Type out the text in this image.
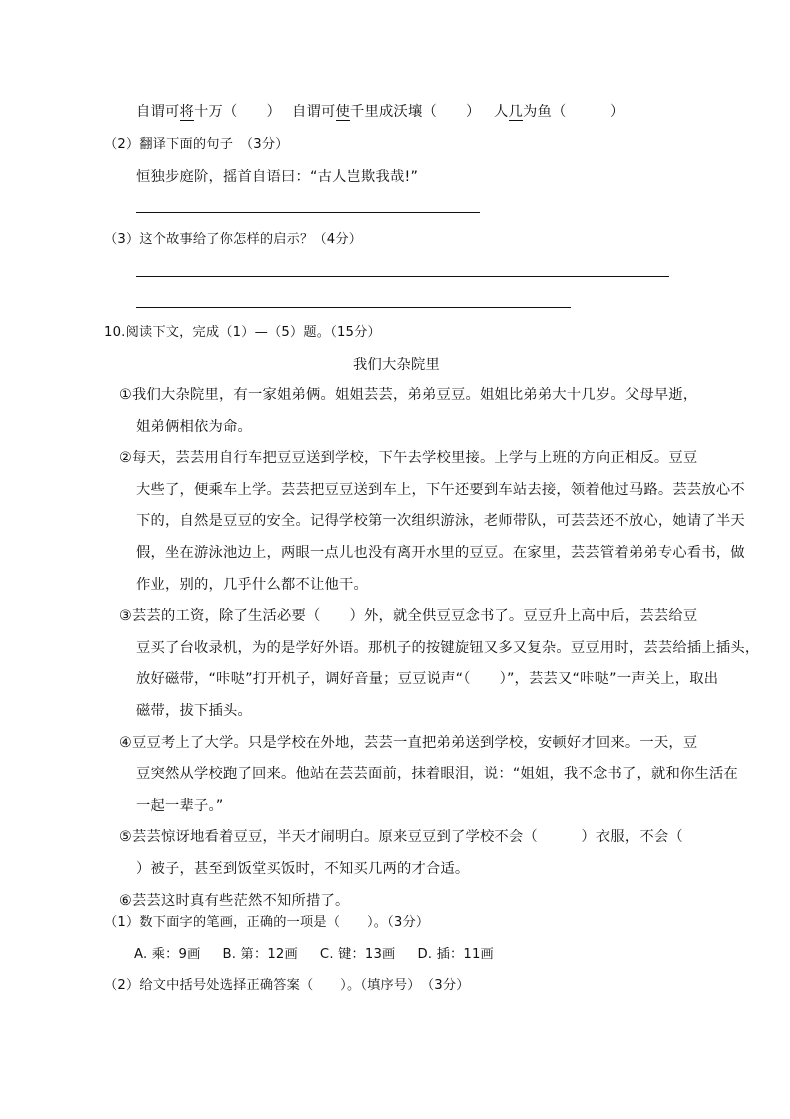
自谓可将十万（　　） 自谓可使千里成沃壤（　　） 人几为鱼（　　　）
（2）翻译下面的句子　（3分）
恒独步庭阶，摇首自语曰：“古人岂欺我哉!”
（3）这个故事给了你怎样的启示？（4分）
10.阅读下文，完成（1）—（5）题。（15分）
我们大杂院里
①我们大杂院里，有一家姐弟俩。姐姐芸芸，弟弟豆豆。姐姐比弟弟大十几岁。父母早逝，
姐弟俩相依为命。
②每天，芸芸用自行车把豆豆送到学校，下午去学校里接。上学与上班的方向正相反。豆豆
大些了，便乘车上学。芸芸把豆豆送到车上，下午还要到车站去接，领着他过马路。芸芸放心不
下的，自然是豆豆的安全。记得学校第一次组织游泳，老师带队，可芸芸还不放心，她请了半天
假，坐在游泳池边上，两眼一点儿也没有离开水里的豆豆。在家里，芸芸管着弟弟专心看书，做
作业，别的，几乎什么都不让他干。
③芸芸的工资，除了生活必要（　　）外，就全供豆豆念书了。豆豆升上高中后，芸芸给豆
豆买了台收录机，为的是学好外语。那机子的按键旋钮又多又复杂。豆豆用时，芸芸给插上插头，
放好磁带，“咔哒”打开机子，调好音量；豆豆说声“（　　）”，芸芸又“咔哒”一声关上，取出
磁带，拔下插头。
④豆豆考上了大学。只是学校在外地，芸芸一直把弟弟送到学校，安顿好才回来。一天，豆
豆突然从学校跑了回来。他站在芸芸面前，抹着眼泪，说：“姐姐，我不念书了，就和你生活在
一起一辈子。”
⑤芸芸惊讶地看着豆豆，半天才闹明白。原来豆豆到了学校不会（　　　）衣服，不会（
）被子，甚至到饭堂买饭时，不知买几两的才合适。
⑥芸芸这时真有些茫然不知所措了。
（1）数下面字的笔画，正确的一项是（　　）。（3分）
A. 乘：9画 B. 第：12画 C. 键：13画 D. 插：11画
（2）给文中括号处选择正确答案（　　）。（填序号）　（3分）
